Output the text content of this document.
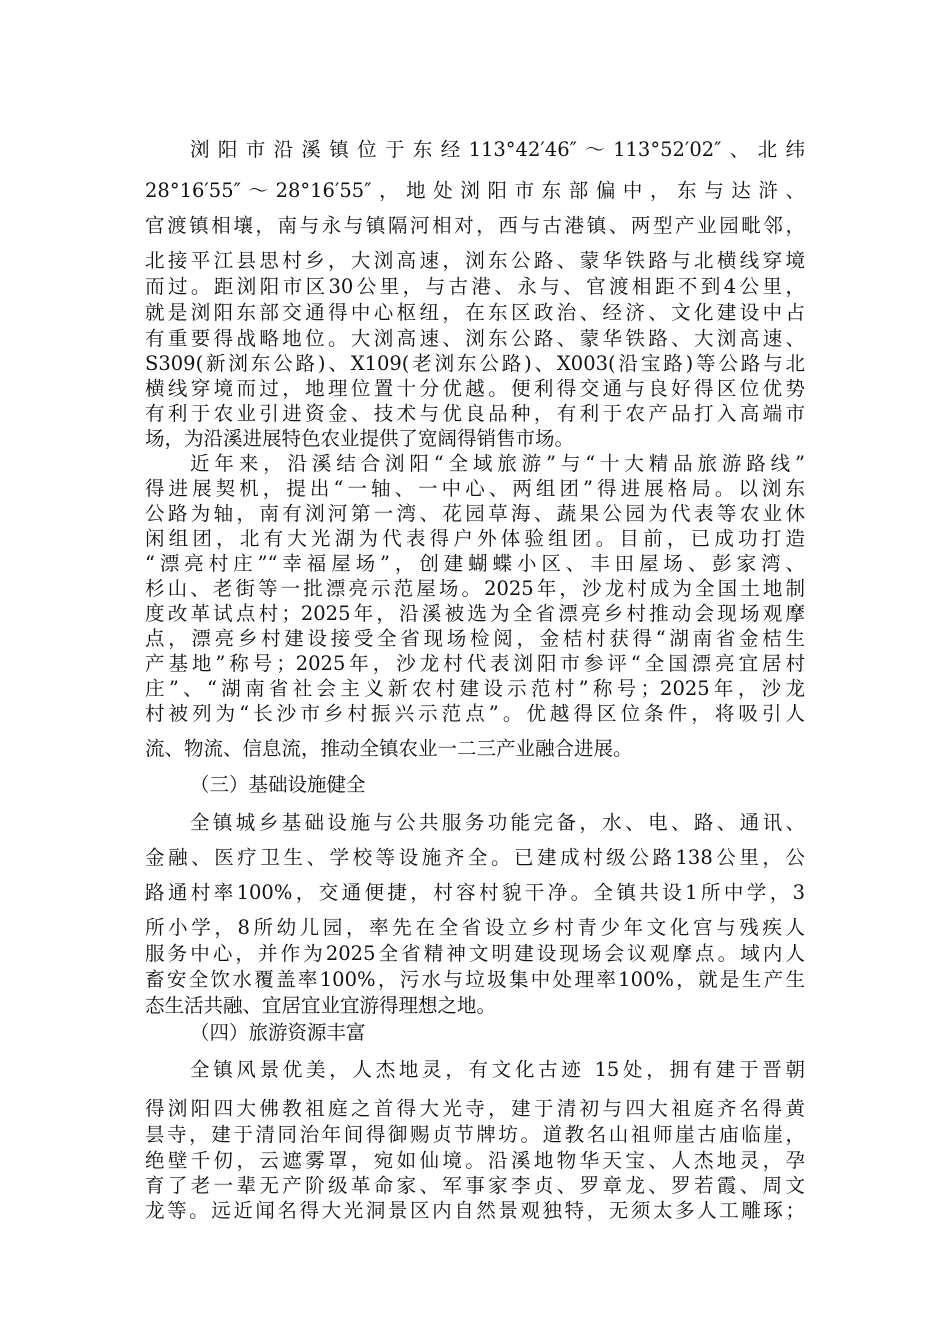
浏阳市沿溪镇位于东经113°42′46″～113°52′02″、北纬
28°16′55″～28°16′55″，地处浏阳市东部偏中，东与达浒、
官渡镇相壤，南与永与镇隔河相对，西与古港镇、两型产业园毗邻，
北接平江县思村乡，大浏高速，浏东公路、蒙华铁路与北横线穿境
而过。距浏阳市区30公里，与古港、永与、官渡相距不到4公里，
就是浏阳东部交通得中心枢纽，在东区政治、经济、文化建设中占
有重要得战略地位。大浏高速、浏东公路、蒙华铁路、大浏高速、
S309(新浏东公路)、X109(老浏东公路)、X003(沿宝路)等公路与北
横线穿境而过，地理位置十分优越。便利得交通与良好得区位优势
有利于农业引进资金、技术与优良品种，有利于农产品打入高端市
场，为沿溪进展特色农业提供了宽阔得销售市场。
近年来，沿溪结合浏阳“全域旅游”与“十大精品旅游路线”
得进展契机，提出“一轴、一中心、两组团”得进展格局。以浏东
公路为轴，南有浏河第一湾、花园草海、蔬果公园为代表等农业休
闲组团，北有大光湖为代表得户外体验组团。目前，已成功打造
“漂亮村庄”“幸福屋场”，创建蝴蝶小区、丰田屋场、彭家湾、
杉山、老街等一批漂亮示范屋场。2025年，沙龙村成为全国土地制
度改革试点村；2025年，沿溪被选为全省漂亮乡村推动会现场观摩
点，漂亮乡村建设接受全省现场检阅，金桔村获得“湖南省金桔生
产基地”称号；2025年，沙龙村代表浏阳市参评“全国漂亮宜居村
庄”、“湖南省社会主义新农村建设示范村”称号；2025年，沙龙
村被列为“长沙市乡村振兴示范点”。优越得区位条件，将吸引人
流、物流、信息流，推动全镇农业一二三产业融合进展。
（三）基础设施健全
全镇城乡基础设施与公共服务功能完备，水、电、路、通讯、
金融、医疗卫生、学校等设施齐全。已建成村级公路138公里，公
路通村率100%，交通便捷，村容村貌干净。全镇共设1所中学，3
所小学，8所幼儿园，率先在全省设立乡村青少年文化宫与残疾人
服务中心，并作为2025全省精神文明建设现场会议观摩点。域内人
畜安全饮水覆盖率100%，污水与垃圾集中处理率100%，就是生产生
态生活共融、宜居宜业宜游得理想之地。
（四）旅游资源丰富
全镇风景优美，人杰地灵，有文化古迹 15处，拥有建于晋朝
得浏阳四大佛教祖庭之首得大光寺，建于清初与四大祖庭齐名得黄
昙寺，建于清同治年间得御赐贞节牌坊。道教名山祖师崖古庙临崖，
绝壁千仞，云遮雾罩，宛如仙境。沿溪地物华天宝、人杰地灵，孕
育了老一辈无产阶级革命家、军事家李贞、罗章龙、罗若霞、周文
龙等。远近闻名得大光洞景区内自然景观独特，无须太多人工雕琢；
